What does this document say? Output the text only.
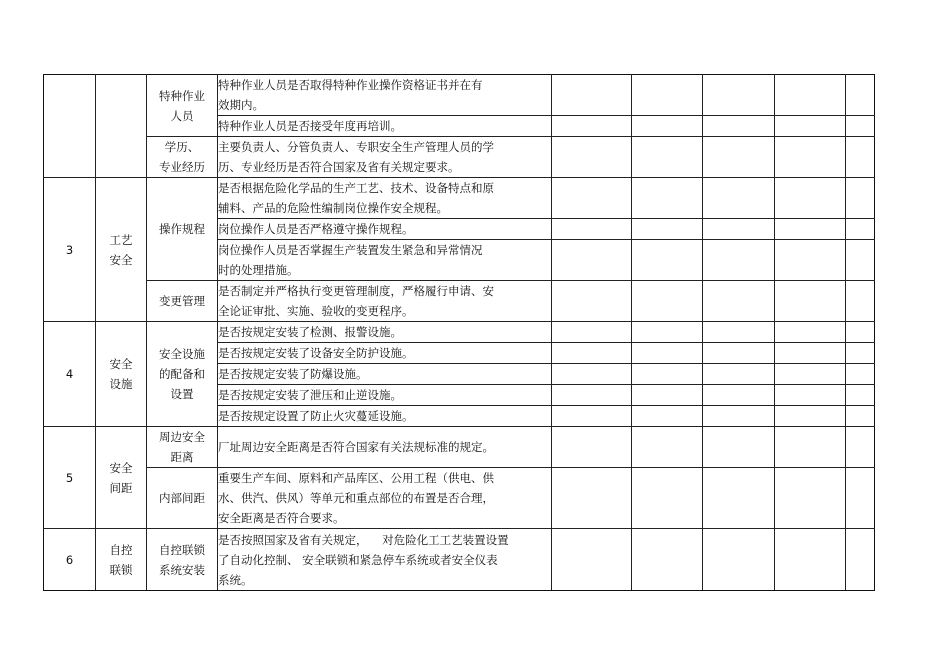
		特种作业
人员	特种作业人员是否取得特种作业操作资格证书并在有
效期内。					

			特种作业人员是否接受年度再培训。					

		学历、
专业经历	主要负责人、分管负责人、专职安全生产管理人员的学
历、专业经历是否符合国家及省有关规定要求。					

3	工艺
安全	操作规程	是否根据危险化学品的生产工艺、技术、设备特点和原
辅料、产品的危险性编制岗位操作安全规程。					

			岗位操作人员是否严格遵守操作规程。					

			岗位操作人员是否掌握生产装置发生紧急和异常情况
时的处理措施。					

		变更管理	是否制定并严格执行变更管理制度，严格履行申请、安
全论证审批、实施、验收的变更程序。					

4	安全
设施	安全设施
的配备和
设置	是否按规定安装了检测、报警设施。					

			是否按规定安装了设备安全防护设施。					

			是否按规定安装了防爆设施。					

			是否按规定安装了泄压和止逆设施。					

			是否按规定设置了防止火灾蔓延设施。					

5	安全
间距	周边安全
距离	厂址周边安全距离是否符合国家有关法规标准的规定。					

		内部间距	重要生产车间、原料和产品库区、公用工程（供电、供
水、供汽、供风）等单元和重点部位的布置是否合理，
安全距离是否符合要求。					

6	自控
联锁	自控联锁
系统安装	是否按照国家及省有关规定，    对危险化工工艺装置设置
了自动化控制、 安全联锁和紧急停车系统或者安全仪表
系统。					
